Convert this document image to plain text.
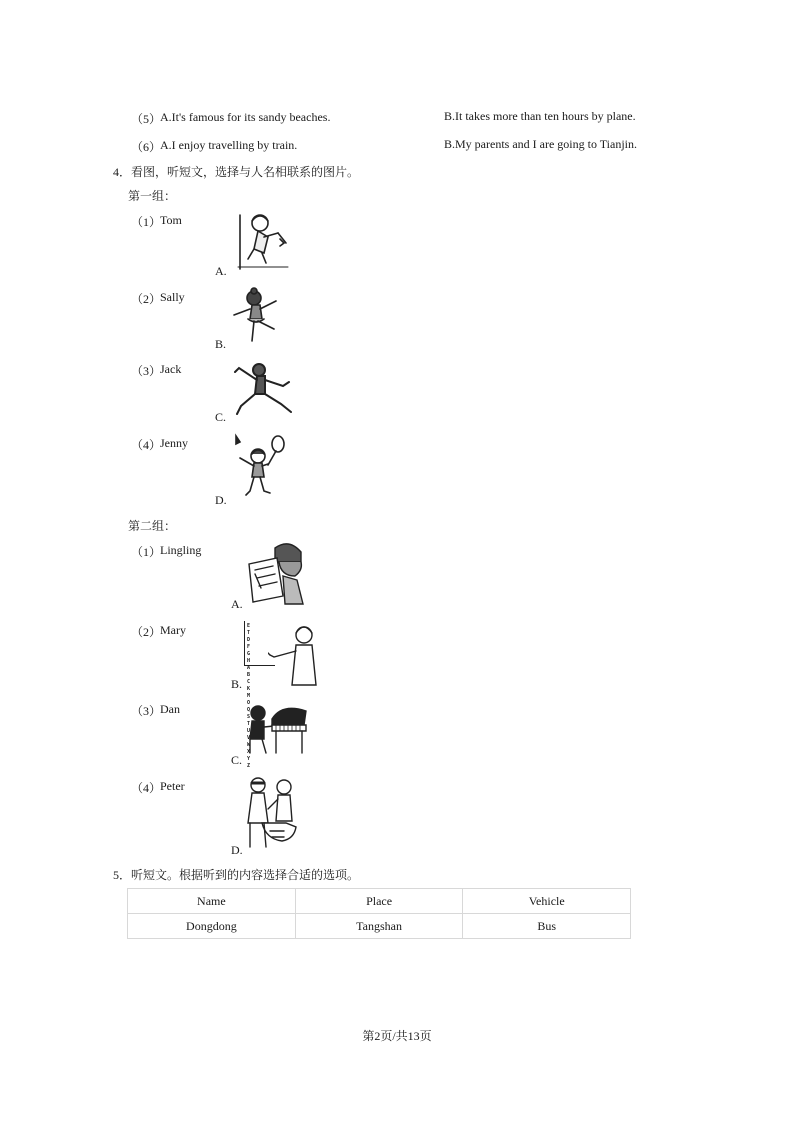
（5）
A.It's famous for its sandy beaches.	B.It takes more than ten hours by plane.
（6）
A.I enjoy travelling by train.	B.My parents and I are going to Tianjin.
4．看图，听短文，选择与人名相联系的图片。
第一组：
（1）
Tom
A.
（2）
Sally
B.
（3）
Jack
C.
（4）
Jenny
D.
第二组：
（1）
Lingling
A.
（2）
Mary
B.
E T D
F G H
A B C
K M O Q
S T U V
W X Y Z
（3）
Dan
C.
（4）
Peter
D.
5．听短文。根据听到的内容选择合适的选项。
Name	Place	Vehicle
Dongdong	Tangshan	Bus
第2页/共13页
